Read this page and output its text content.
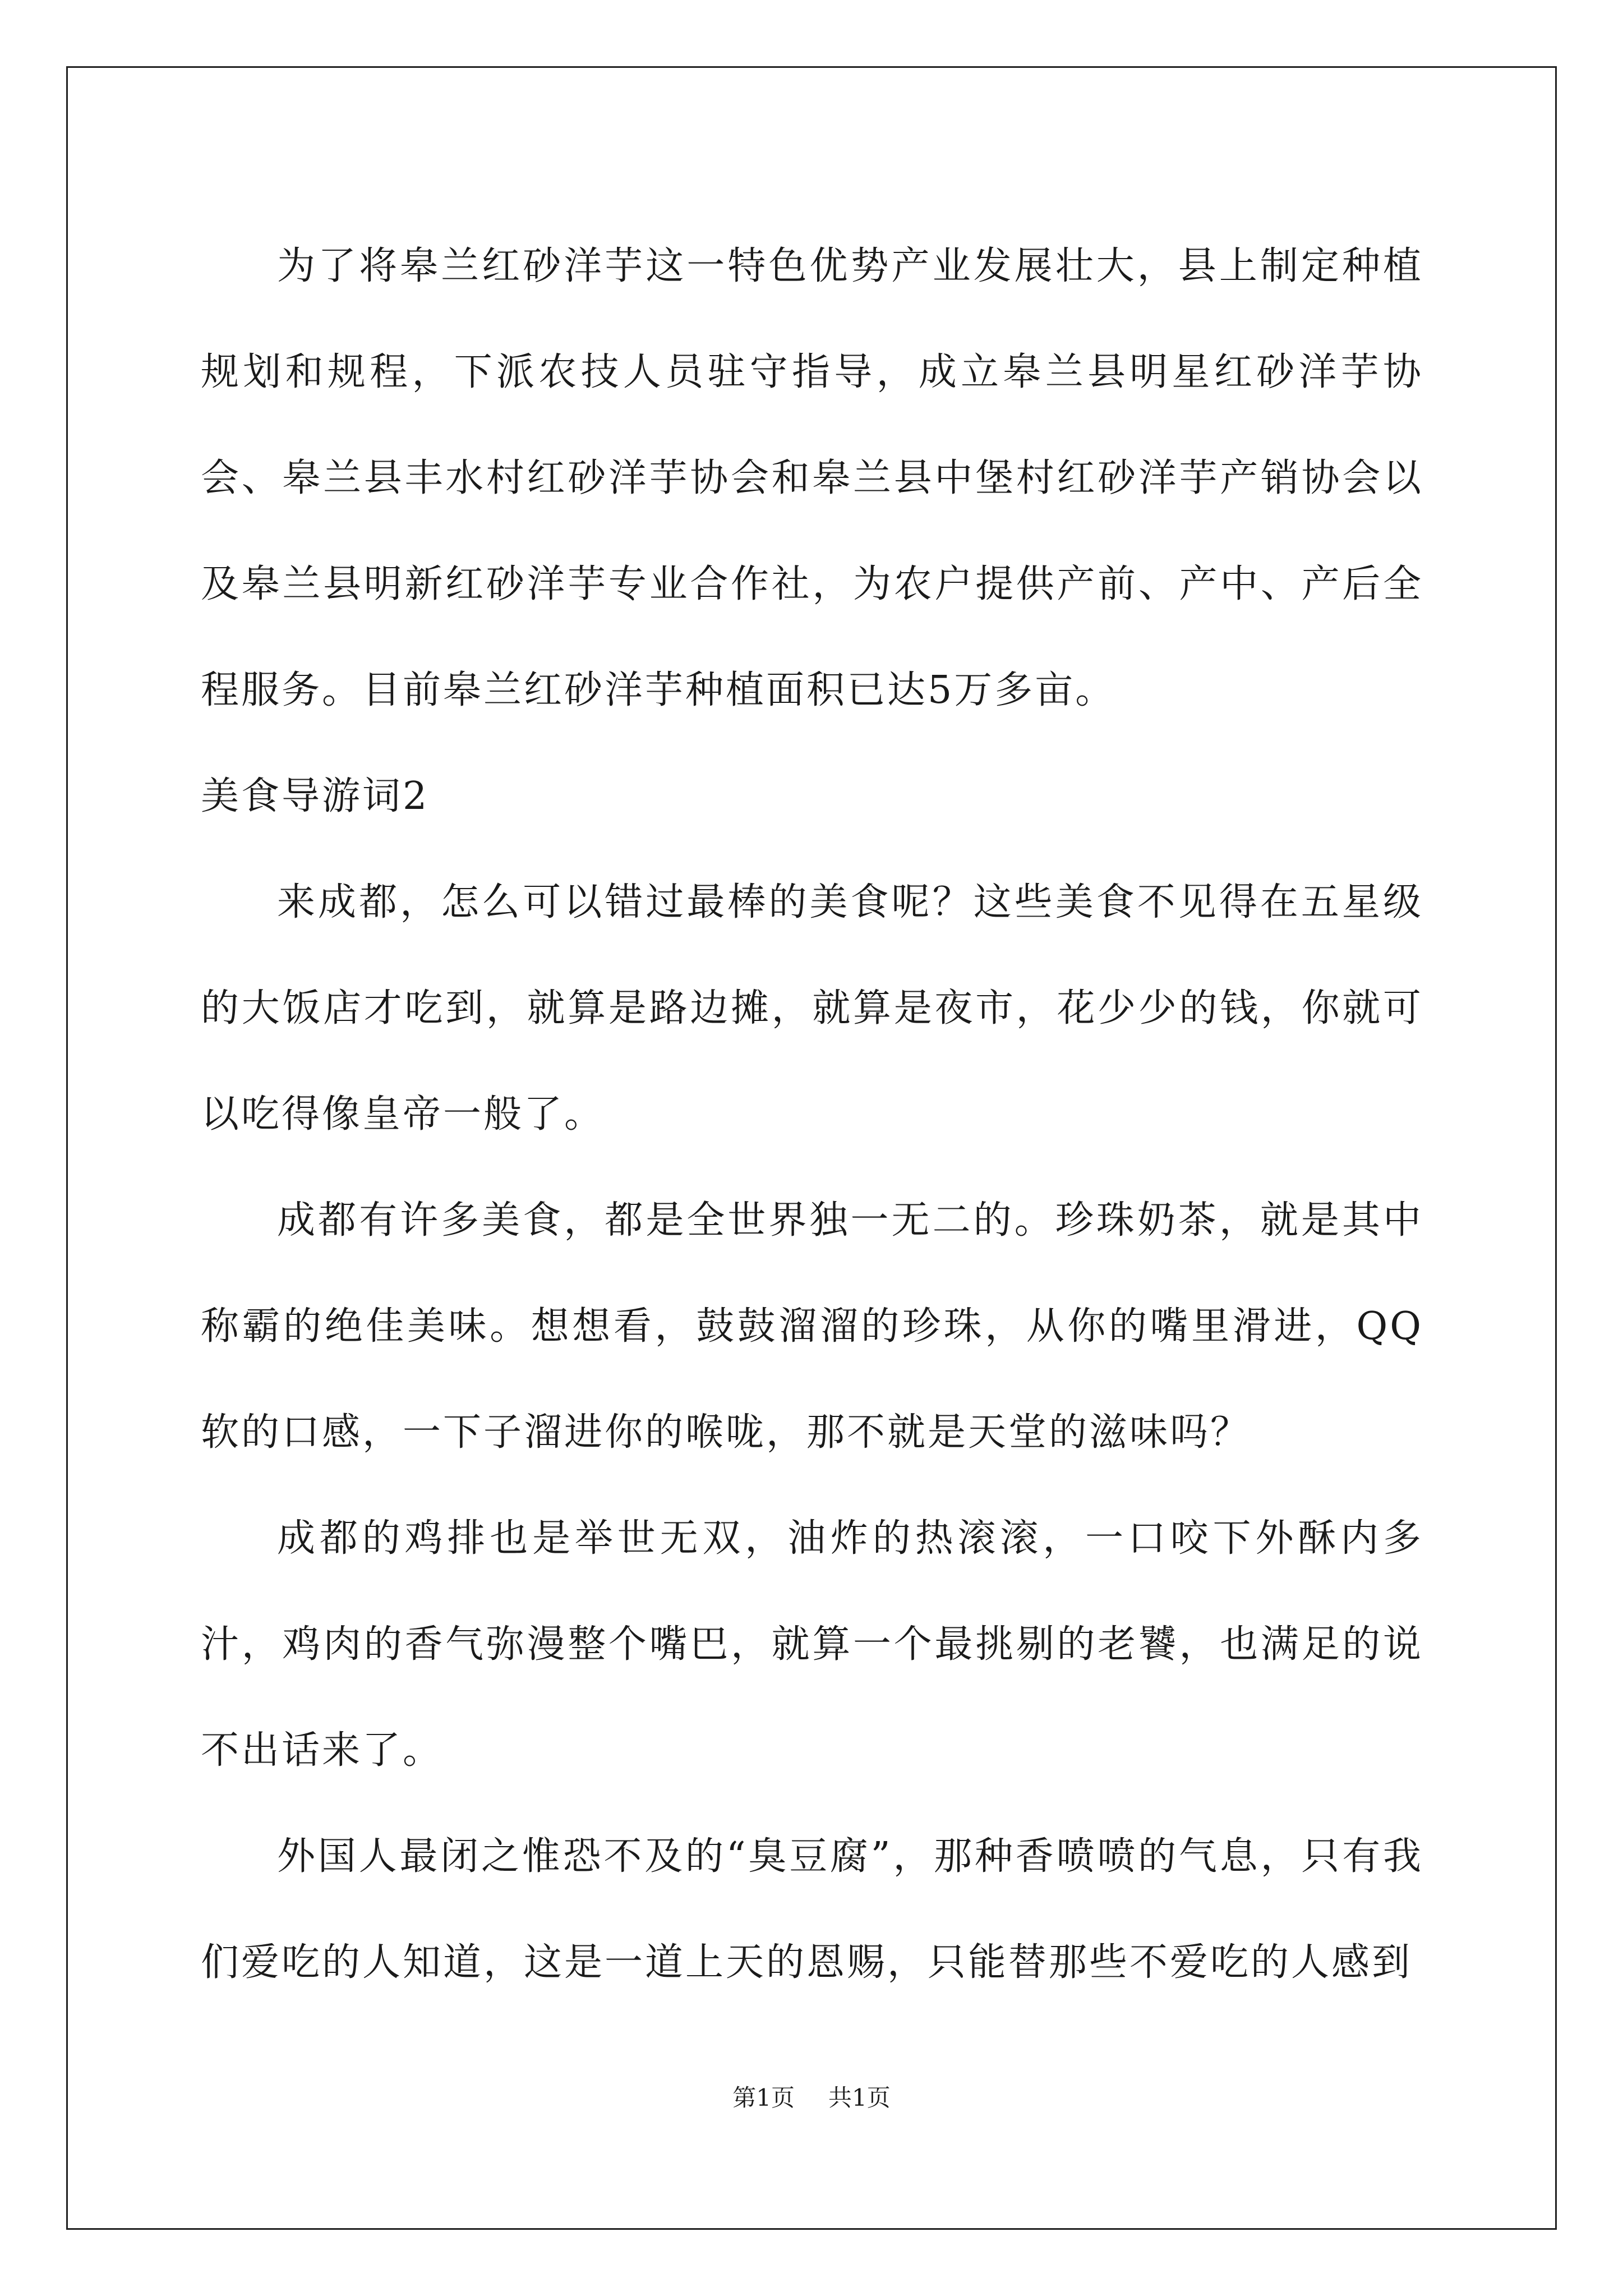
为了将皋兰红砂洋芋这一特色优势产业发展壮大，县上制定种植规划和规程，下派农技人员驻守指导，成立皋兰县明星红砂洋芋协会、皋兰县丰水村红砂洋芋协会和皋兰县中堡村红砂洋芋产销协会以及皋兰县明新红砂洋芋专业合作社，为农户提供产前、产中、产后全程服务。目前皋兰红砂洋芋种植面积已达5万多亩。

美食导游词2

来成都，怎么可以错过最棒的美食呢？这些美食不见得在五星级的大饭店才吃到，就算是路边摊，就算是夜市，花少少的钱，你就可以吃得像皇帝一般了。

成都有许多美食，都是全世界独一无二的。珍珠奶茶，就是其中称霸的绝佳美味。想想看，鼓鼓溜溜的珍珠，从你的嘴里滑进，QQ软的口感，一下子溜进你的喉咙，那不就是天堂的滋味吗？

成都的鸡排也是举世无双，油炸的热滚滚，一口咬下外酥内多汁，鸡肉的香气弥漫整个嘴巴，就算一个最挑剔的老饕，也满足的说不出话来了。

外国人最闭之惟恐不及的“臭豆腐”，那种香喷喷的气息，只有我们爱吃的人知道，这是一道上天的恩赐，只能替那些不爱吃的人感到

第1页 共1页
